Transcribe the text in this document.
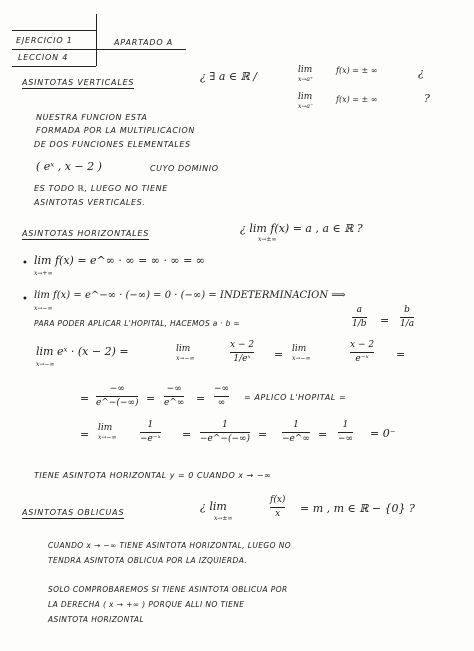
EJERCICIO 1
LECCION 4
APARTADO A
ASINTOTAS VERTICALES	¿ ∃ a ∈ ℝ /	lim
x→a⁺
f(x) = ± ∞	¿
lim
x→a⁻
f(x) = ± ∞	?
NUESTRA FUNCION ESTA
FORMADA POR LA MULTIPLICACION
DE DOS FUNCIONES ELEMENTALES
( eˣ , x − 2 )	CUYO DOMINIO
ES TODO ℝ, LUEGO NO TIENE
ASINTOTAS VERTICALES.
ASINTOTAS HORIZONTALES	¿ lim f(x) = a , a ∈ ℝ ?
x→±∞
• lim f(x) = e^∞ · ∞ = ∞ · ∞ = ∞
x→+∞
• lim f(x) = e^−∞ · (−∞) = 0 · (−∞) = INDETERMINACION ⟹
x→−∞
PARA PODER APLICAR L'HOPITAL, HACEMOS a · b =
a
1/b =
b
1/a
lim eˣ · (x − 2) =
x→−∞
lim
x→−∞
x − 2
1/eˣ = lim
x→−∞
x − 2
e⁻ˣ =
=
−∞
e^−(−∞) =
−∞
e^∞ =
−∞
∞
= APLICO L'HOPITAL =
= lim
x→−∞
1
−e⁻ˣ =
1
−e^−(−∞) =
1
−e^∞ =
1
−∞ = 0⁻
TIENE ASINTOTA HORIZONTAL y = 0 CUANDO x → −∞
ASINTOTAS OBLICUAS	¿ lim
x→±∞
f(x)
x = m , m ∈ ℝ − {0} ?
CUANDO x → −∞ TIENE ASINTOTA HORIZONTAL, LUEGO NO
TENDRA ASINTOTA OBLICUA POR LA IZQUIERDA.
SOLO COMPROBAREMOS SI TIENE ASINTOTA OBLICUA POR
LA DERECHA ( x → +∞ ) PORQUE ALLI NO TIENE
ASINTOTA HORIZONTAL
